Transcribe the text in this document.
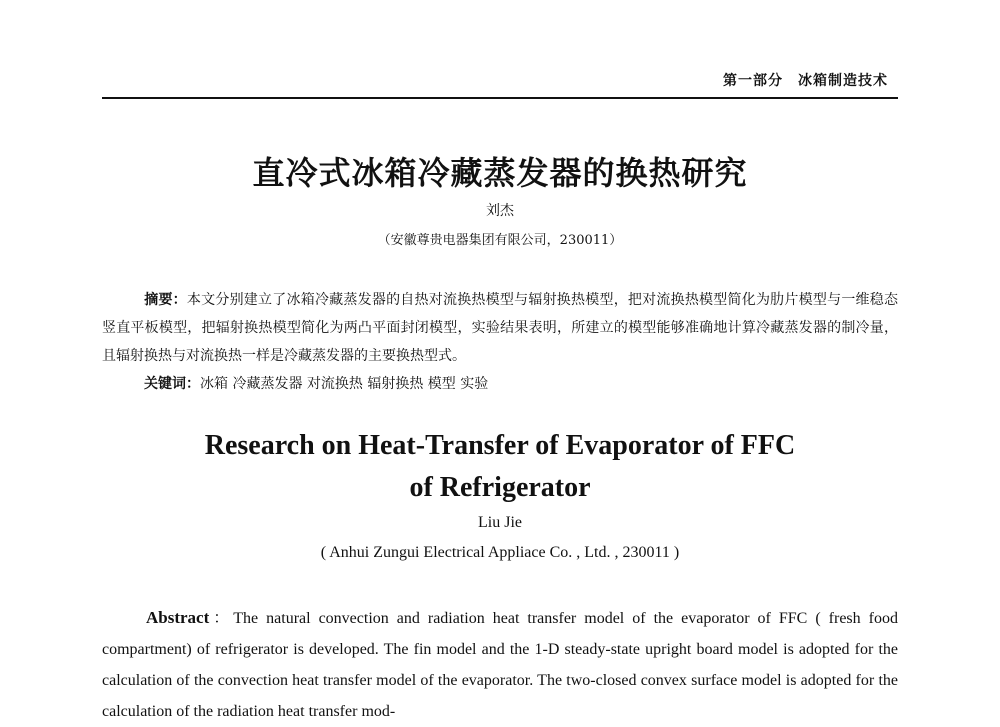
第一部分　冰箱制造技术
直冷式冰箱冷藏蒸发器的换热研究
刘杰
（安徽尊贵电器集团有限公司，230011）
摘要：本文分别建立了冰箱冷藏蒸发器的自热对流换热模型与辐射换热模型，把对流换热模型简化为肋片模型与一维稳态竖直平板模型，把辐射换热模型简化为两凸平面封闭模型，实验结果表明，所建立的模型能够准确地计算冷藏蒸发器的制冷量，且辐射换热与对流换热一样是冷藏蒸发器的主要换热型式。
关键词：冰箱 冷藏蒸发器 对流换热 辐射换热 模型 实验
Research on Heat-Transfer of Evaporator of FFC
of Refrigerator
Liu Jie
( Anhui Zungui Electrical Appliace Co. , Ltd. , 230011 )
Abstract：The natural convection and radiation heat transfer model of the evaporator of FFC ( fresh food compartment) of refrigerator is developed. The fin model and the 1-D steady-state upright board model is adopted for the calculation of the convection heat transfer model of the evaporator. The two-closed convex surface model is adopted for the calculation of the radiation heat transfer mod-
